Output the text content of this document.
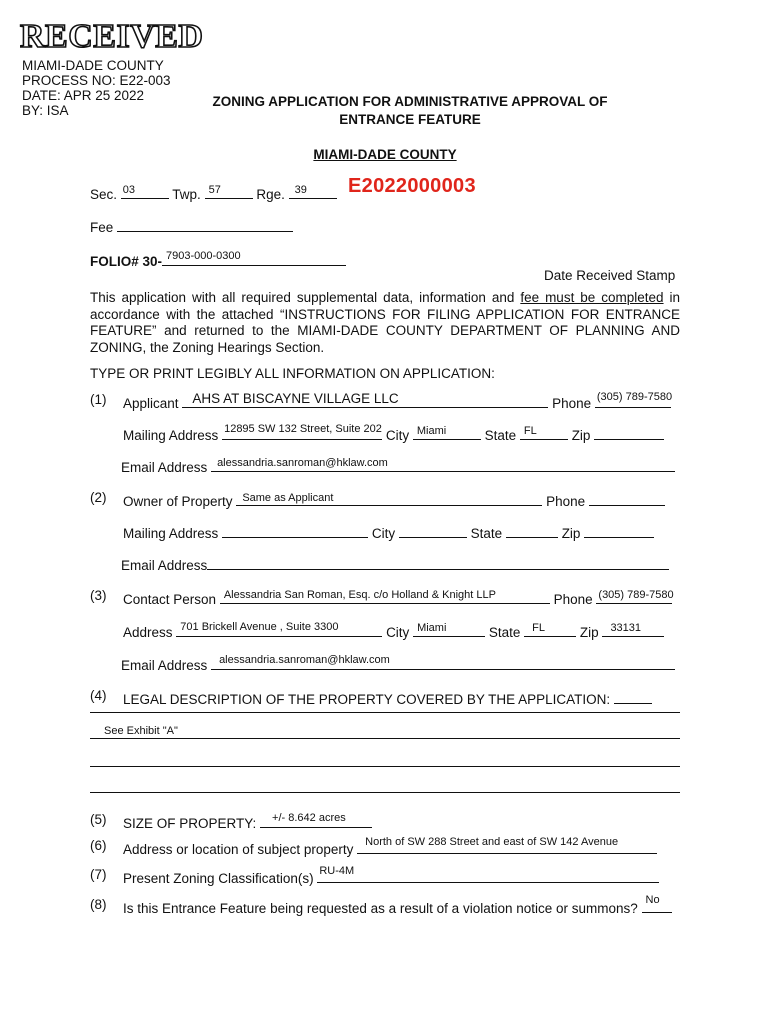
RECEIVED
MIAMI-DADE COUNTY
PROCESS NO: E22-003
DATE: APR 25 2022
BY: ISA
ZONING APPLICATION FOR ADMINISTRATIVE APPROVAL OF
ENTRANCE FEATURE
MIAMI-DADE COUNTY
Sec. 03	Twp. 57	Rge. 39 E2022000003
Fee
FOLIO# 30- 7903-000-0300
Date Received Stamp
This application with all required supplemental data, information and fee must be completed in accordance with the attached “INSTRUCTIONS FOR FILING APPLICATION FOR ENTRANCE FEATURE” and returned to the MIAMI-DADE COUNTY DEPARTMENT OF PLANNING AND ZONING, the Zoning Hearings Section.
TYPE OR PRINT LEGIBLY ALL INFORMATION ON APPLICATION:
(1) Applicant AHS AT BISCAYNE VILLAGE LLC	Phone (305) 789-7580
Mailing Address 12895 SW 132 Street, Suite 202 City Miami	State FL	Zip
Email Address alessandria.sanroman@hklaw.com
(2) Owner of Property Same as Applicant	Phone
Mailing Address	City	State	Zip
Email Address
(3) Contact Person Alessandria San Roman, Esq. c/o Holland & Knight LLP	Phone (305) 789-7580
Address 701 Brickell Avenue , Suite 3300	City Miami	State FL	Zip 33131
Email Address alessandria.sanroman@hklaw.com
(4) LEGAL DESCRIPTION OF THE PROPERTY COVERED BY THE APPLICATION:
See Exhibit "A"
(5) SIZE OF PROPERTY: +/- 8.642 acres
(6) Address or location of subject property North of SW 288 Street and east of SW 142 Avenue
(7) Present Zoning Classification(s) RU-4M
(8) Is this Entrance Feature being requested as a result of a violation notice or summons?
No
